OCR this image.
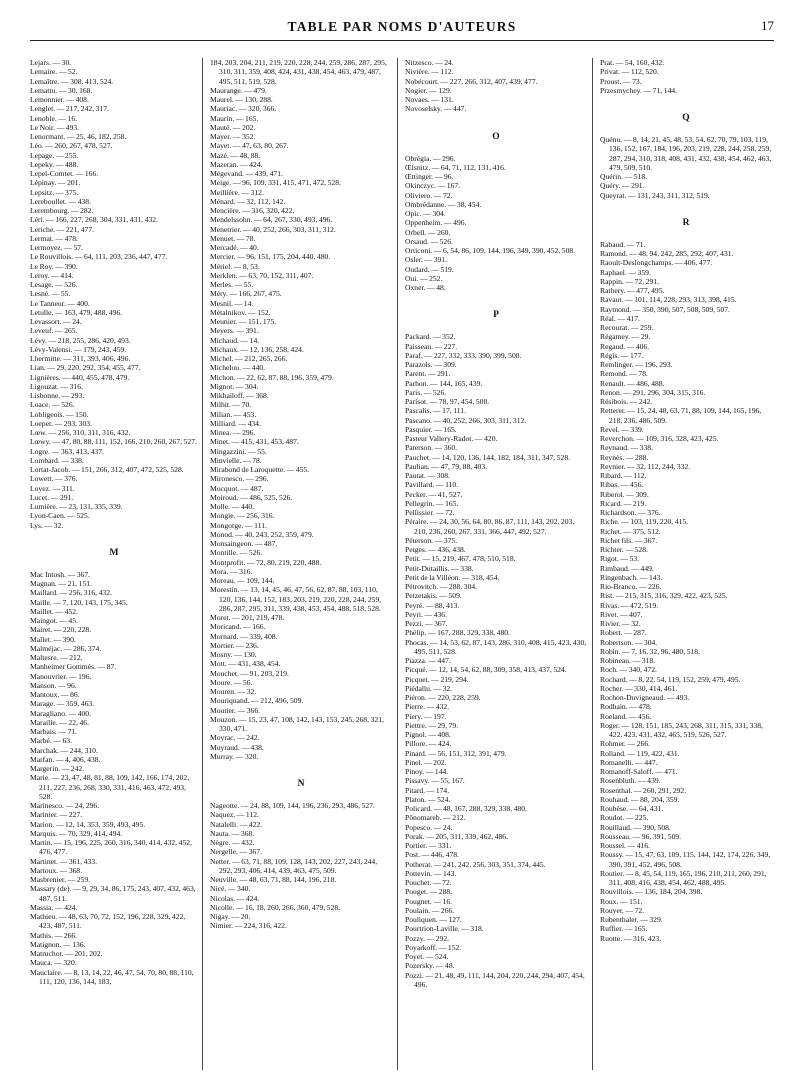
TABLE PAR NOMS D'AUTEURS	17
Lejars. — 30.
Lemaire. — 52.
Lemaître. — 308, 413, 524.
Lemattu. — 30, 168.
Lemonnier. — 408.
Lenglet. — 217, 242, 317.
Lenoble. — 16.
Le Noir. — 493.
Lenormant. — 25, 46, 182, 258.
Léo. — 260, 267, 478, 527.
Lepage. — 255.
Lepeky. — 488.
Lepel-Comtet. — 166.
Lépinay. — 201.
Lepsitz. — 375.
Lereboullet. — 438.
Lerembourg. — 282.
Léri. — 166, 227, 268, 304, 331, 431, 432.
Leriche. — 221, 477.
Lermat. — 478.
Lermoyez. — 57.
Le Rouvillois. — 64, 111, 203, 236, 447, 477.
Le Roy. — 390.
Leroy. — 414.
Lesage. — 526.
Lesné. — 55.
Le Tanneur. — 400.
Letulle. — 163, 479, 488, 496.
Levassort. — 24.
Leveuf. — 265.
Lévy. — 218, 255, 286, 420, 493.
Lévy-Valensi. — 179, 243, 459.
Lhermitte. — 311, 393, 406, 496.
Lian. — 29, 220, 292, 354, 455, 477.
Lignières. — 440, 455, 478, 479.
Ligouzat. — 316.
Lisbonne. — 293.
Loace. — 526.
Lobligeois. — 150.
Loeper. — 293, 303.
Lœw. — 256, 310, 311, 316, 432.
Lœwy. — 47, 80, 88, 111, 152, 166, 210, 260, 267, 527.
Logre. — 363, 413, 437.
Lombard. — 338.
Lortat-Jacob. — 151, 266, 312, 407, 472, 525, 528.
Lowett. — 376.
Loyez. — 311.
Lucet. — 291.
Lumière. — 23, 131, 335, 339.
Lyon-Caen. — 525.
Lys. — 32.
M
Mac Intosh. — 367.
Magnan. — 21, 151.
Maillard. — 256, 316, 432.
Maille. — 7, 120, 143, 175, 345.
Maillet. — 452.
Maingot. — 45.
Mairet. — 220, 228.
Mallet. — 390.
Malméjac. — 286, 374.
Maltesre. — 212.
Manheimer Gommès. — 87.
Manouvrier. — 196.
Manson. — 96.
Mantoux. — 86.
Marage. — 359, 463.
Maragliano. — 400.
Maraille. — 22, 46.
Marbais. — 71.
Marbé. — 63.
Marchak. — 244, 310.
Marfan. — 4, 406, 438.
Margerin. — 242.
Marie. — 23, 47, 48, 81, 88, 109, 142, 166, 174, 202, 211, 227, 236, 268, 330, 331, 416, 463, 472, 493, 528.
Marinesco. — 24, 296.
Marinier. — 227.
Marion. — 12, 14, 353, 359, 493, 495.
Marquis. — 70, 329, 414, 494.
Martin. — 15, 196, 225, 260, 316, 340, 414, 432, 452, 476, 477.
Martinet. — 361, 433.
Martoux. — 368.
Masbrenier. — 259.
Massary (de). — 9, 29, 34, 86, 175, 243, 407, 432, 463, 487, 511.
Massia. — 424.
Mathieu. — 48, 63, 70, 72, 152, 196, 228, 329, 422, 423, 487, 511.
Mathis. — 266.
Matignon. — 136.
Matruchot. — 201, 202.
Mauca. — 320.
Mauclaire. — 8, 13, 14, 22, 46, 47, 54, 70, 80, 88, 110, 111, 120, 136, 144, 183,
184, 203, 204, 211, 219, 220, 228, 244, 259, 286, 287, 295, 310, 311, 359, 408, 424, 431, 438, 454, 463, 479, 487, 495, 511, 519, 528.
Maurange. — 479.
Maurel. — 130, 288.
Mauriac. — 320, 366.
Maurin. — 165.
Mauté. — 202.
Mayer. — 352.
Mayet. — 47, 63, 80, 267.
Mazé. — 48, 88.
Mazeran. — 424.
Mégevand. — 439, 471.
Meige. — 96, 109, 331, 415, 471, 472, 528.
Meillière. — 312.
Ménard. — 32, 112, 142.
Mencière. — 316, 320, 422.
Mendelssohn. — 64, 267, 330, 493, 496.
Menetrier. — 40, 252, 266, 303, 311, 312.
Menuet. — 78.
Mercadé. — 40.
Mercier. — 96, 151, 175, 204, 440, 480.
Mériel. — 8, 53.
Merklen. — 63, 70, 152, 311, 407.
Merles. — 55.
Méry. — 166, 267, 475.
Mesnil. — 14.
Métalnikov. — 152.
Meunier. — 151, 175.
Meyers. — 391.
Michaud. — 14.
Michaux. — 12, 136, 258, 424.
Michel. — 212, 265, 266.
Michelou. — 440.
Michon. — 22, 62, 87, 88, 196, 359, 479.
Mignot. — 304.
Mikhailoff. — 368.
Milhit. — 70.
Milian. — 453.
Milliard. — 434.
Minea. — 296.
Minet. — 415, 431, 453, 487.
Mingazzini. — 55.
Minvielle. — 78.
Mirabond de Laroquette. — 455.
Mironesco. — 296.
Mocquot. — 487.
Moiroud. — 486, 525, 526.
Molle. — 440.
Mongie. — 256, 316.
Mongorge. — 111.
Monod. — 40, 243, 252, 359, 479.
Monsaingeon. — 487.
Montille. — 526.
Montprofit. — 72, 80, 219, 220, 488.
Mora. — 316.
Moreau. — 109, 144.
Morestin. — 13, 14, 45, 46, 47, 56, 62, 87, 88, 103, 110, 120, 136, 144, 152, 183, 203, 219, 220, 228, 244, 259, 286, 287, 295, 311, 339, 438, 453, 454, 488, 518, 528.
Moret. — 201, 219, 478.
Moricand. — 166.
Mornard. — 339, 408.
Mortier. — 236.
Mosny. — 130.
Mott. — 431, 438, 454.
Mouchet. — 91, 203, 219.
Moure. — 56.
Mouren. — 32.
Mouriquand. — 212, 496, 509.
Moutier. — 366.
Mouzon. — 15, 23, 47, 108, 142, 143, 153, 245, 268, 321, 330, 471.
Moyrac. — 242.
Muyraud. — 438.
Murray. — 320.
N
Nageotte. — 24, 88, 109, 144, 196, 236, 293, 486, 527.
Naquez. — 112.
Natalelli. — 422.
Nauta. — 368.
Nègre. — 432.
Nergelle. — 367.
Netter. — 63, 71, 88, 109, 128, 143, 202, 227, 243, 244, 292, 293, 406, 414, 439, 463, 475, 509.
Neuville. — 48, 63, 71, 88, 144, 196, 218.
Nicé. — 340.
Nicolas. — 424.
Nicolle. — 16, 18, 260, 266, 360, 479, 528.
Nigay. — 20.
Nimier. — 224, 316, 422.
Nitzesco. — 24.
Nivière. — 112.
Nobécourt. — 227, 266, 312, 407, 439, 477.
Nogier. — 129.
Novaes. — 131.
Novoselsky. — 447.
O
Obrégia. — 296.
Œlsnitz. — 64, 71, 112, 131, 416.
Œttinger. — 96.
Okinczyc. — 167.
Oliviero. — 72.
Ombrédanne. — 38, 454.
Opic. — 304.
Oppenheim. — 496.
Orbell. — 260.
Orsaud. — 526.
Orticoni. — 6, 54, 86, 109, 144, 196, 349, 390, 452, 508.
Osler. — 391.
Oudard. — 519.
Oui. — 252.
Oxner. — 48.
P
Packard. — 352.
Paisseau. — 227.
Paraf. — 227, 332, 333, 390, 399, 508.
Parazols. — 309.
Parent. — 291.
Parhon. — 144, 165, 439.
Paris. — 526.
Parisot. — 78, 97, 454, 508.
Pascalis. — 17, 111.
Pascano. — 40, 252, 266, 303, 311, 312.
Pasquier. — 165.
Pasteur Vallery-Radot. — 420.
Paterson. — 360.
Pauchet. — 14, 120, 136, 144, 182, 184, 311, 347, 528.
Paulian. — 47, 79, 88, 403.
Pautat. — 308.
Pavillard. — 110.
Pecker. — 41, 527.
Pellegrin. — 165.
Pellissier. — 72.
Péraire. — 24, 30, 56, 64, 80, 86, 87, 111, 143, 202, 203, 210, 236, 260, 267, 331, 366, 447, 492, 527.
Péterson. — 375.
Petges. — 436, 438.
Petit. — 15, 219, 467, 478, 510, 518.
Petit-Dutaillis. — 338.
Petit de la Villéon. — 318, 454.
Pétrovitch. — 288, 304.
Petzetakis. — 509.
Peyré. — 88, 413.
Peyri. — 436.
Pezzi. — 367.
Phélip. — 167, 288, 329, 338, 480.
Phocas. — 14, 53, 62, 87, 143, 286, 310, 408, 415, 423, 430, 495, 511, 528.
Piazza. — 447.
Picqué. — 12, 14, 54, 62, 88, 309, 358, 413, 437, 524.
Picquet. — 219, 294.
Piédallu. — 32.
Piéron. — 220, 228, 259.
Pierre. — 432.
Piery. — 197.
Piettre. — 29, 79.
Pignol. — 408.
Pillore. — 424.
Pinard. — 56, 151, 312, 391, 479.
Pinel. — 202.
Pinoy. — 144.
Pissavy. — 55, 167.
Pitard. — 174.
Platon. — 524.
Policard. — 48, 167, 288, 329, 338, 480.
Pônomareb. — 212.
Popesco. — 24.
Porak. — 205, 311, 339, 462, 486.
Portier. — 331.
Post. — 446, 478.
Potherat. — 241, 242, 256, 303, 351, 374, 445.
Pottevin. — 143.
Pouchet. — 72.
Pouget. — 288.
Pougnet. — 16.
Poulain. — 266.
Pouliquen. — 127.
Pourtrion-Laville. — 318.
Pozzy. — 292.
Poyarkoff. — 152.
Poyet. — 524.
Pozersky. — 48.
Pozzi. — 21, 48, 49, 111, 144, 204, 220, 244, 294, 407, 454, 496.
Prat. — 54, 160, 432.
Privat. — 112, 520.
Proust. — 73.
Przesmychey. — 71, 144.
Q
Quénu. — 8, 14, 21, 45, 48, 53, 54, 62, 70, 79, 103, 119, 136, 152, 167, 184, 196, 203, 219, 228, 244, 258, 259, 287, 294, 310, 318, 408, 431, 432, 438, 454, 462, 463, 479, 509, 510.
Quérin. — 518.
Quéry. — 291.
Queyrat. — 131, 243, 311, 312, 519.
R
Rabaud. — 71.
Ramond. — 48, 94, 242, 285, 292, 407, 431.
Raoult-Deslongchamps. — 406, 477.
Raphael. — 359.
Rappin. — 72, 291.
Rathery. — 477, 495.
Ravaut. — 101, 114, 228, 293, 313, 398, 415.
Raymond. — 350, 390, 507, 508, 509, 507.
Réal. — 417.
Recourat. — 259.
Régamey. — 29.
Regaud. — 406.
Régis. — 177.
Remlinger. — 196, 293.
Remond. — 78.
Renault. — 486, 488.
Renon. — 291, 296, 304, 315, 316.
Résibois. — 242.
Retterer. — 15, 24, 48, 63, 71, 88, 109, 144, 165, 196, 218, 236, 486, 509.
Revel. — 339.
Reverchon. — 109, 316, 328, 423, 425.
Reynaud. — 338.
Reynès. — 288.
Reynier. — 32, 112, 244, 332.
Ribard. — 112.
Ribas. — 456.
Riberol. — 309.
Ricard. — 219.
Richardson. — 376.
Riche. — 103, 119, 220, 415.
Richet. — 375, 512.
Richet fils. — 367.
Richter. — 528.
Rigot. — 53.
Rimbaud. — 449.
Ringenbach. — 143.
Rio-Branco. — 226.
Rist. — 215, 315, 316, 329, 422, 423, 525.
Rivas. — 472, 519.
Rivet. — 407.
Rivier. — 32.
Robert. — 287.
Robertson. — 304.
Robin. — 7, 16, 32, 96, 480, 518.
Robineau. — 318.
Roch. — 340, 472.
Rochard. — 8, 22, 54, 119, 152, 259, 479, 495.
Rocher. — 330, 414, 461.
Rochon-Duvigneaud. — 493.
Rodhain. — 478.
Roeland. — 456.
Roger. — 128, 151, 185, 243, 268, 311, 315, 331, 338, 422, 423, 431, 432, 465, 519, 526, 527.
Rohmer. — 266.
Rolland. — 119, 422, 431.
Romanelli. — 447.
Romanoff-Saloff. — 471.
Rosenbluth. — 439.
Rosenthal. — 260, 291, 292.
Rouhaud. — 88, 204, 359.
Roubèse. — 64, 431.
Roudot. — 225.
Rouillaud. — 390, 508.
Rousseau. — 96, 391, 509.
Roussel. — 416.
Roussy. — 15, 47, 63, 109, 115, 144, 142, 174, 226, 349, 390, 391, 452, 496, 508.
Routier. — 8, 45, 54, 119, 165, 196, 210, 211, 260, 291, 311, 408, 416, 438, 454, 462, 488, 495.
Rouvillois. — 136, 184, 204, 398.
Roux. — 151.
Rouyer. — 72.
Rubenthaler. — 329.
Ruffier. — 165.
Ruotte. — 316, 423.
